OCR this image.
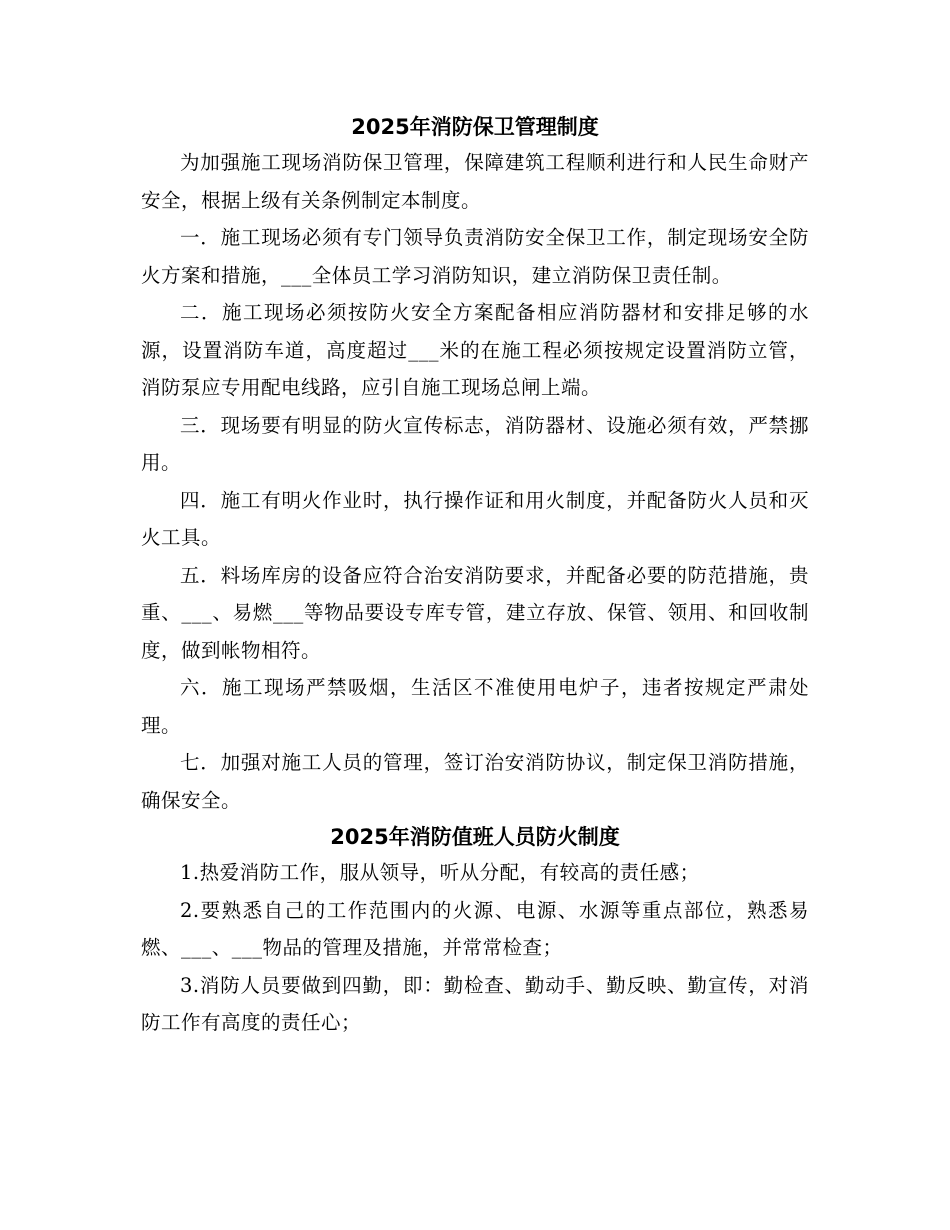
2025年消防保卫管理制度

为加强施工现场消防保卫管理，保障建筑工程顺利进行和人民生命财产安全，根据上级有关条例制定本制度。

一．施工现场必须有专门领导负责消防安全保卫工作，制定现场安全防火方案和措施，___全体员工学习消防知识，建立消防保卫责任制。

二．施工现场必须按防火安全方案配备相应消防器材和安排足够的水源，设置消防车道，高度超过___米的在施工程必须按规定设置消防立管，消防泵应专用配电线路，应引自施工现场总闸上端。

三．现场要有明显的防火宣传标志，消防器材、设施必须有效，严禁挪用。

四．施工有明火作业时，执行操作证和用火制度，并配备防火人员和灭火工具。

五．料场库房的设备应符合治安消防要求，并配备必要的防范措施，贵重、___、易燃___等物品要设专库专管，建立存放、保管、领用、和回收制度，做到帐物相符。

六．施工现场严禁吸烟，生活区不准使用电炉子，违者按规定严肃处理。

七．加强对施工人员的管理，签订治安消防协议，制定保卫消防措施，确保安全。

2025年消防值班人员防火制度

1.热爱消防工作，服从领导，听从分配，有较高的责任感；

2.要熟悉自己的工作范围内的火源、电源、水源等重点部位，熟悉易燃、___、___物品的管理及措施，并常常检查；

3.消防人员要做到四勤，即：勤检查、勤动手、勤反映、勤宣传，对消防工作有高度的责任心；
